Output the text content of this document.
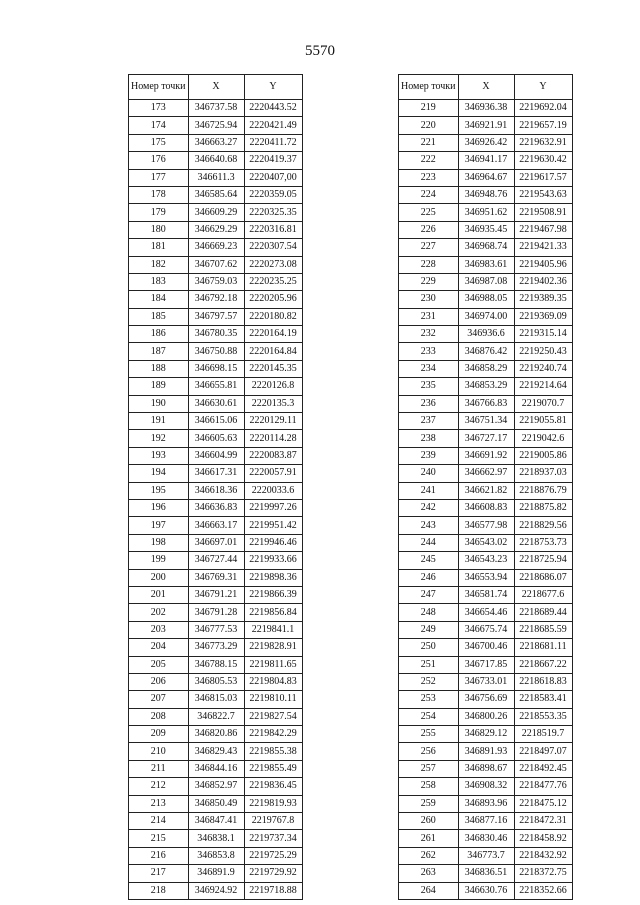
5570
Номер точки	X	Y
173	346737.58	2220443.52
174	346725.94	2220421.49
175	346663.27	2220411.72
176	346640.68	2220419.37
177	346611.3	2220407,00
178	346585.64	2220359.05
179	346609.29	2220325.35
180	346629.29	2220316.81
181	346669.23	2220307.54
182	346707.62	2220273.08
183	346759.03	2220235.25
184	346792.18	2220205.96
185	346797.57	2220180.82
186	346780.35	2220164.19
187	346750.88	2220164.84
188	346698.15	2220145.35
189	346655.81	2220126.8
190	346630.61	2220135.3
191	346615.06	2220129.11
192	346605.63	2220114.28
193	346604.99	2220083.87
194	346617.31	2220057.91
195	346618.36	2220033.6
196	346636.83	2219997.26
197	346663.17	2219951.42
198	346697.01	2219946.46
199	346727.44	2219933.66
200	346769.31	2219898.36
201	346791.21	2219866.39
202	346791.28	2219856.84
203	346777.53	2219841.1
204	346773.29	2219828.91
205	346788.15	2219811.65
206	346805.53	2219804.83
207	346815.03	2219810.11
208	346822.7	2219827.54
209	346820.86	2219842.29
210	346829.43	2219855.38
211	346844.16	2219855.49
212	346852.97	2219836.45
213	346850.49	2219819.93
214	346847.41	2219767.8
215	346838.1	2219737.34
216	346853.8	2219725.29
217	346891.9	2219729.92
218	346924.92	2219718.88
Номер точки	X	Y
219	346936.38	2219692.04
220	346921.91	2219657.19
221	346926.42	2219632.91
222	346941.17	2219630.42
223	346964.67	2219617.57
224	346948.76	2219543.63
225	346951.62	2219508.91
226	346935.45	2219467.98
227	346968.74	2219421.33
228	346983.61	2219405.96
229	346987.08	2219402.36
230	346988.05	2219389.35
231	346974.00	2219369.09
232	346936.6	2219315.14
233	346876.42	2219250.43
234	346858.29	2219240.74
235	346853.29	2219214.64
236	346766.83	2219070.7
237	346751.34	2219055.81
238	346727.17	2219042.6
239	346691.92	2219005.86
240	346662.97	2218937.03
241	346621.82	2218876.79
242	346608.83	2218875.82
243	346577.98	2218829.56
244	346543.02	2218753.73
245	346543.23	2218725.94
246	346553.94	2218686.07
247	346581.74	2218677.6
248	346654.46	2218689.44
249	346675.74	2218685.59
250	346700.46	2218681.11
251	346717.85	2218667.22
252	346733.01	2218618.83
253	346756.69	2218583.41
254	346800.26	2218553.35
255	346829.12	2218519.7
256	346891.93	2218497.07
257	346898.67	2218492.45
258	346908.32	2218477.76
259	346893.96	2218475.12
260	346877.16	2218472.31
261	346830.46	2218458.92
262	346773.7	2218432.92
263	346836.51	2218372.75
264	346630.76	2218352.66
